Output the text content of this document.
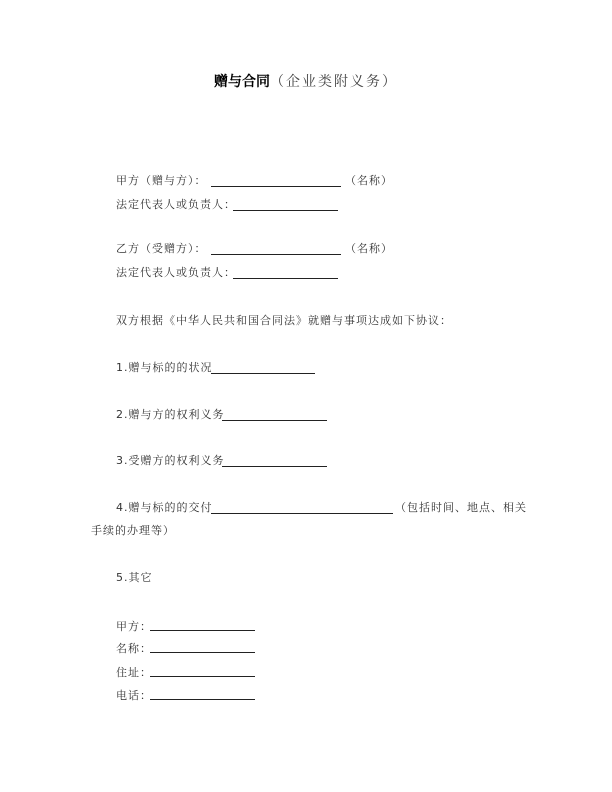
赠与合同（企业类附义务）
甲方（赠与方）：	（名称）
法定代表人或负责人：
乙方（受赠方）：	（名称）
法定代表人或负责人：
双方根据《中华人民共和国合同法》就赠与事项达成如下协议：
1.赠与标的的状况
2.赠与方的权利义务
3.受赠方的权利义务
4.赠与标的的交付	（包括时间、地点、相关
手续的办理等）
5.其它
甲方：
名称：
住址：
电话：
